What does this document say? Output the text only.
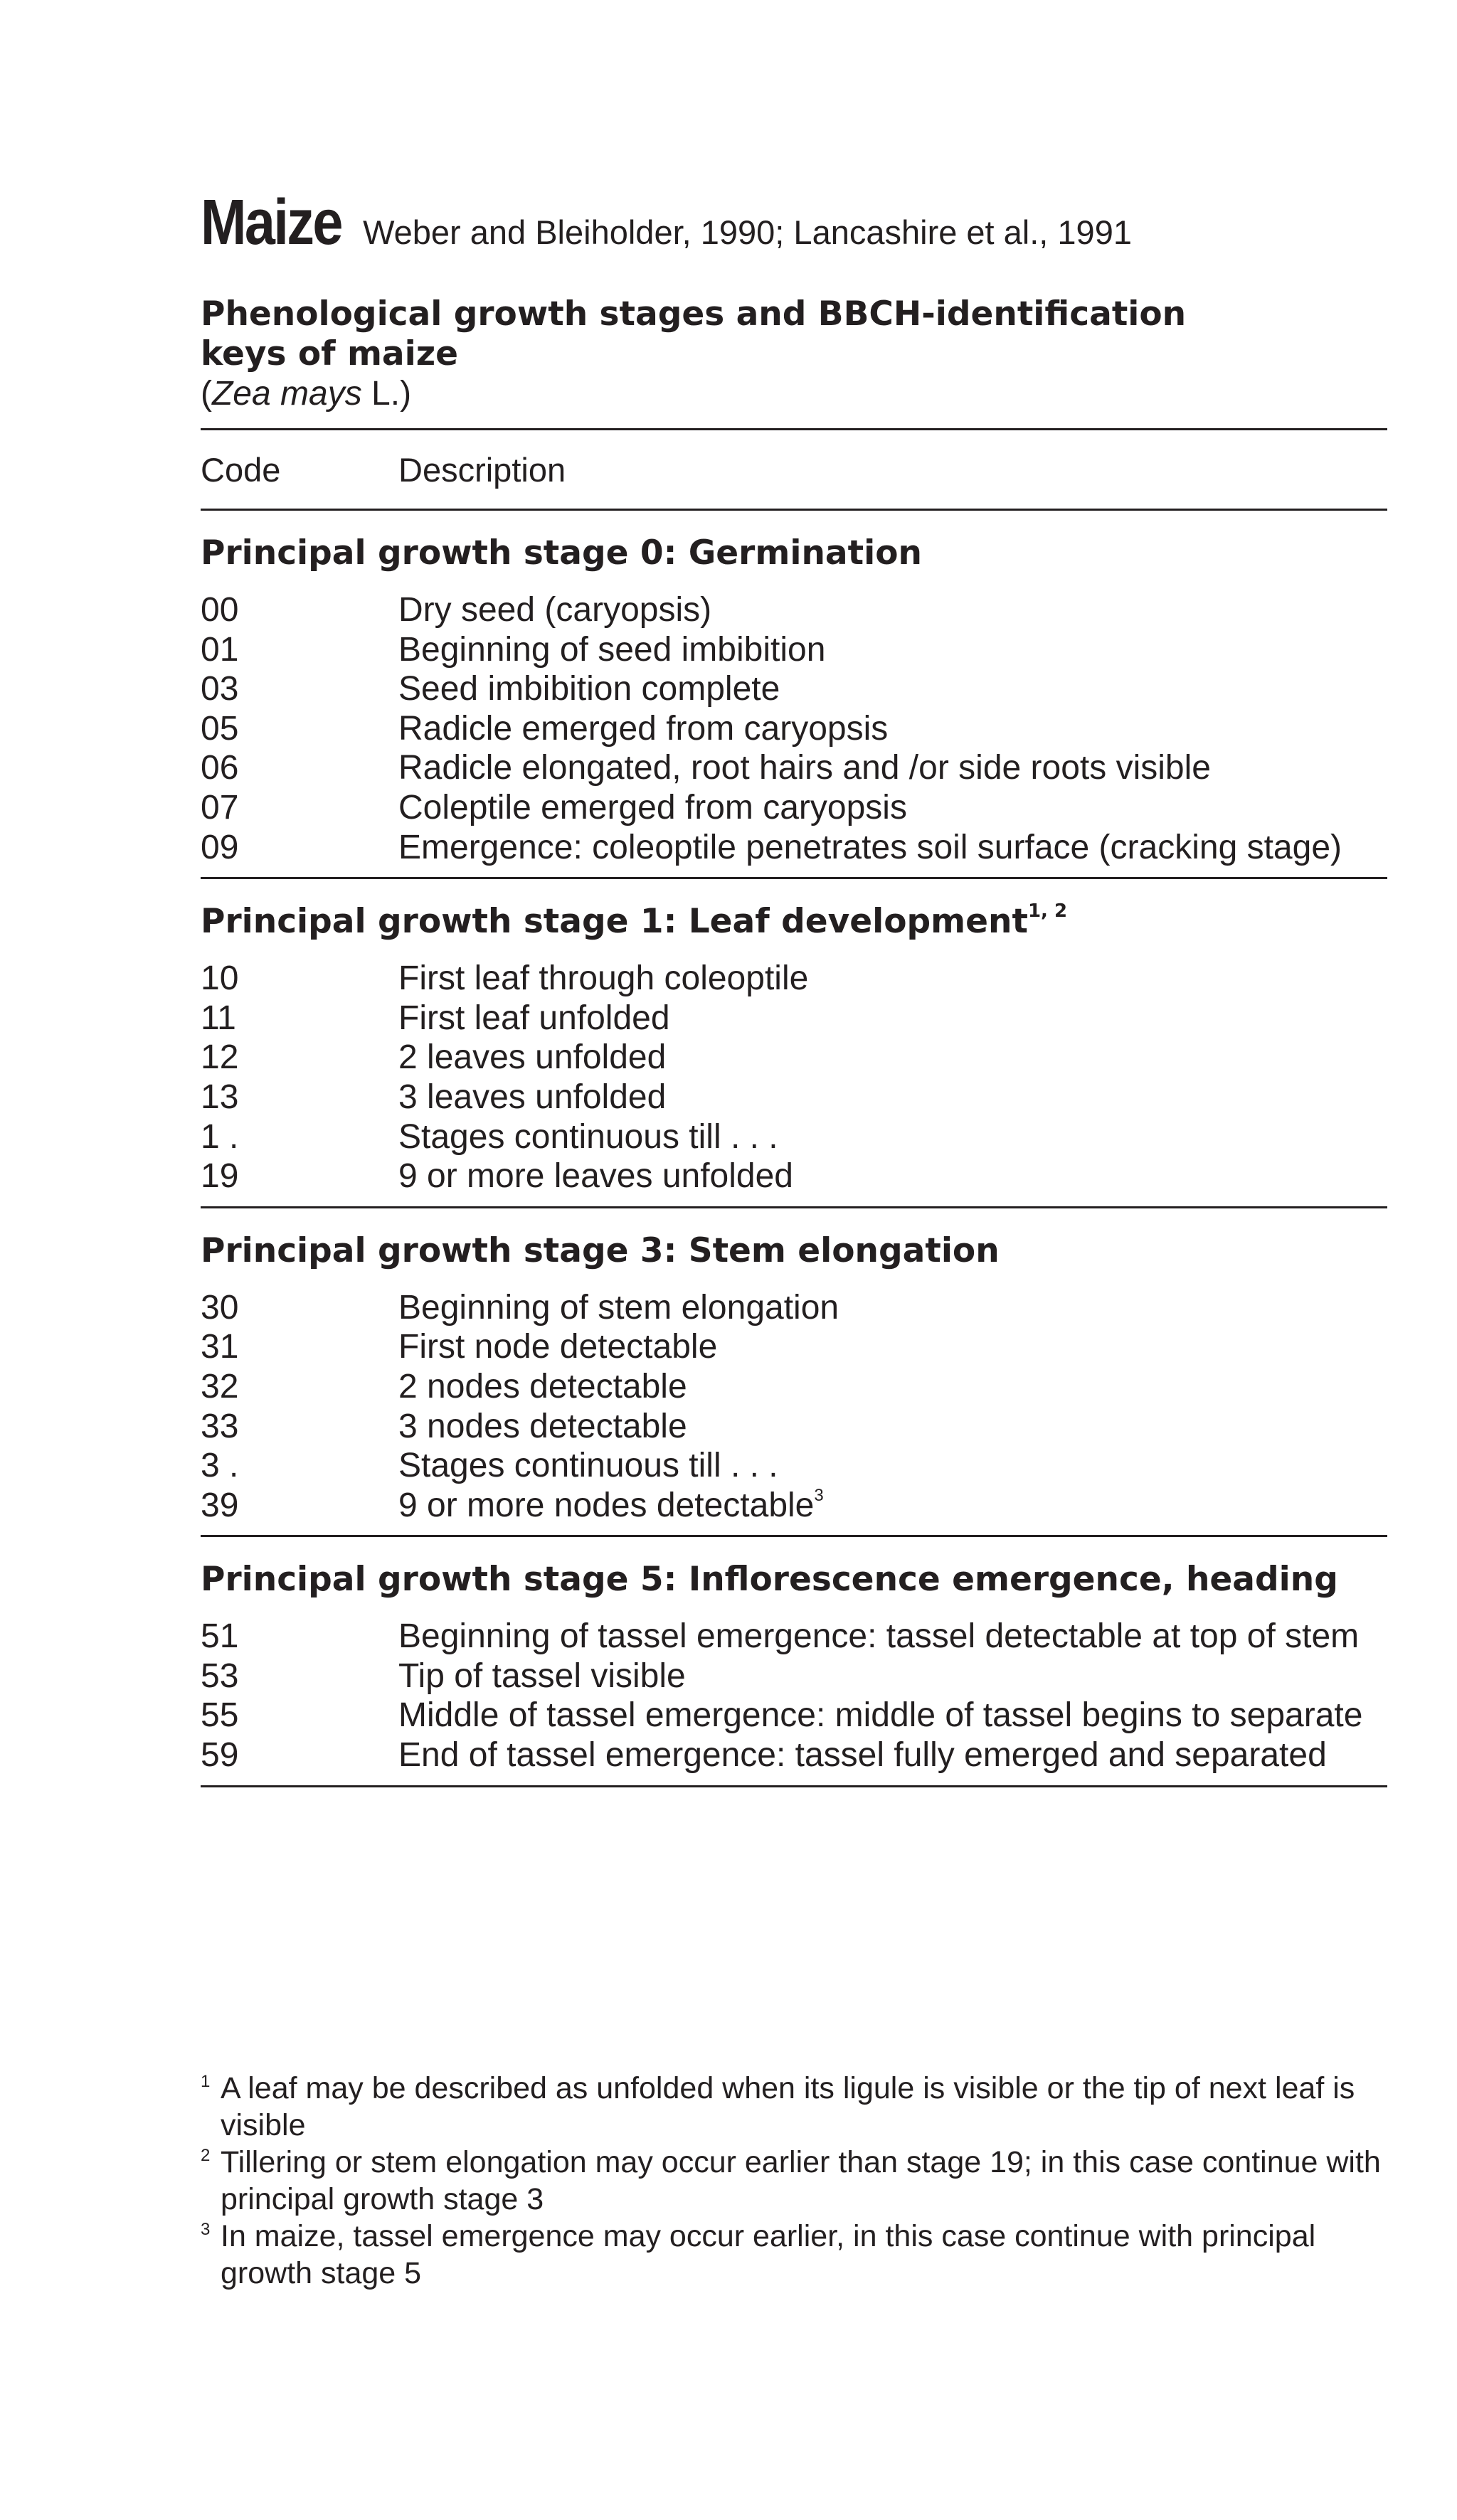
Maize Weber and Bleiholder, 1990; Lancashire et al., 1991
Phenological growth stages and BBCH-identification
keys of maize
(Zea mays L.)
Code	Description
Principal growth stage 0: Germination
00	Dry seed (caryopsis)
01	Beginning of seed imbibition
03	Seed imbibition complete
05	Radicle emerged from caryopsis
06	Radicle elongated, root hairs and /or side roots visible
07	Coleptile emerged from caryopsis
09	Emergence: coleoptile penetrates soil surface (cracking stage)
Principal growth stage 1: Leaf development$^{1, 2}$
10	First leaf through coleoptile
11	First leaf unfolded
12	2 leaves unfolded
13	3 leaves unfolded
1 .	Stages continuous till . . .
19	9 or more leaves unfolded
Principal growth stage 3: Stem elongation
30	Beginning of stem elongation
31	First node detectable
32	2 nodes detectable
33	3 nodes detectable
3 .	Stages continuous till . . .
39	9 or more nodes detectable$^3$
Principal growth stage 5: Inflorescence emergence, heading
51	Beginning of tassel emergence: tassel detectable at top of stem
53	Tip of tassel visible
55	Middle of tassel emergence: middle of tassel begins to separate
59	End of tassel emergence: tassel fully emerged and separated
1 A leaf may be described as unfolded when its ligule is visible or the tip of next leaf is visible
2 Tillering or stem elongation may occur earlier than stage 19; in this case continue with principal growth stage 3
3 In maize, tassel emergence may occur earlier, in this case continue with principal growth stage 5
